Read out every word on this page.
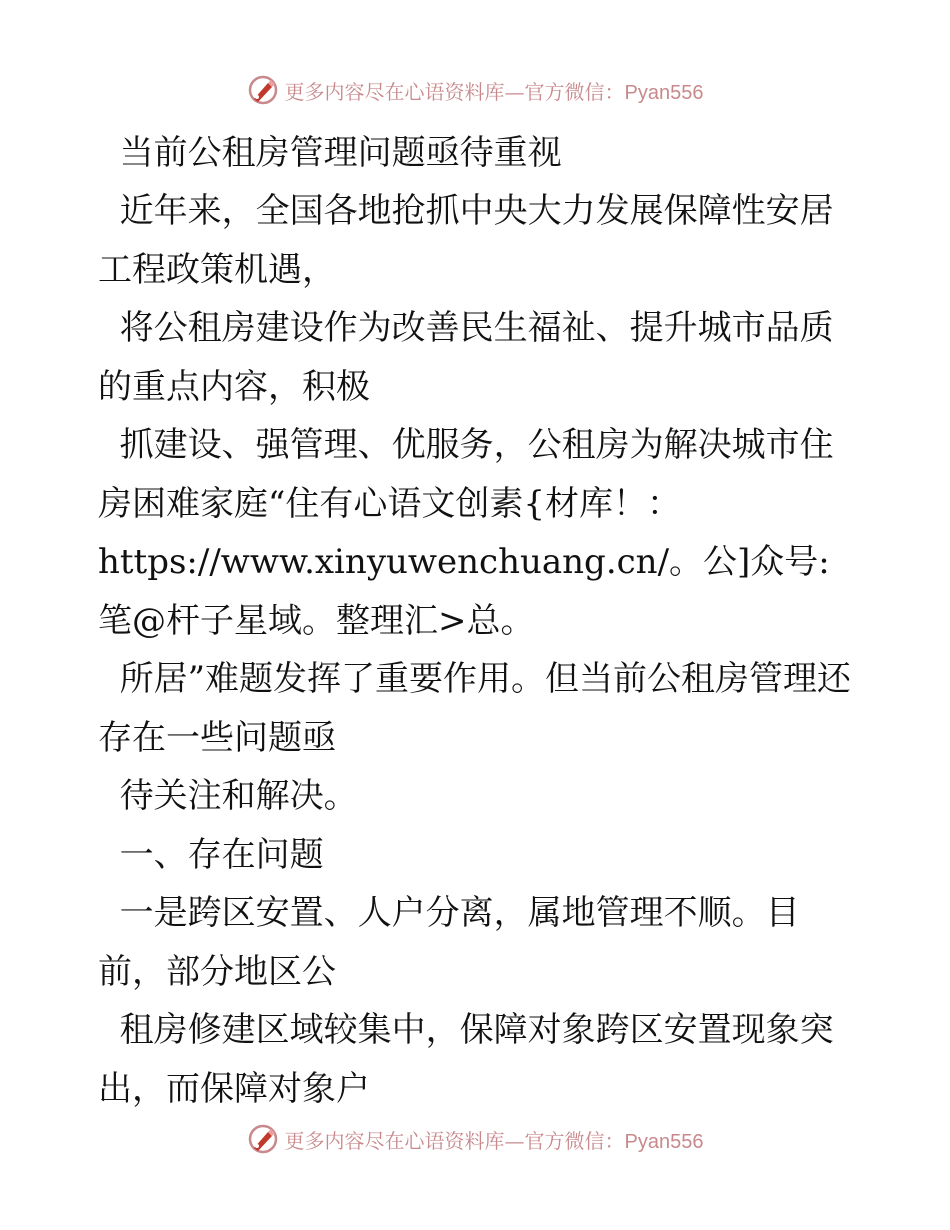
更多内容尽在心语资料库—官方微信：Pyan556

当前公租房管理问题亟待重视

近年来，全国各地抢抓中央大力发展保障性安居工程政策机遇，

将公租房建设作为改善民生福祉、提升城市品质的重点内容，积极

抓建设、强管理、优服务，公租房为解决城市住房困难家庭“住有心语文创素{材库！：https://www.xinyuwenchuang.cn/。公]众号: 笔@杆子星域。整理汇>总。

所居”难题发挥了重要作用。但当前公租房管理还存在一些问题亟

待关注和解决。

一、存在问题

一是跨区安置、人户分离，属地管理不顺。目前，部分地区公

租房修建区域较集中，保障对象跨区安置现象突出，而保障对象户

更多内容尽在心语资料库—官方微信：Pyan556
